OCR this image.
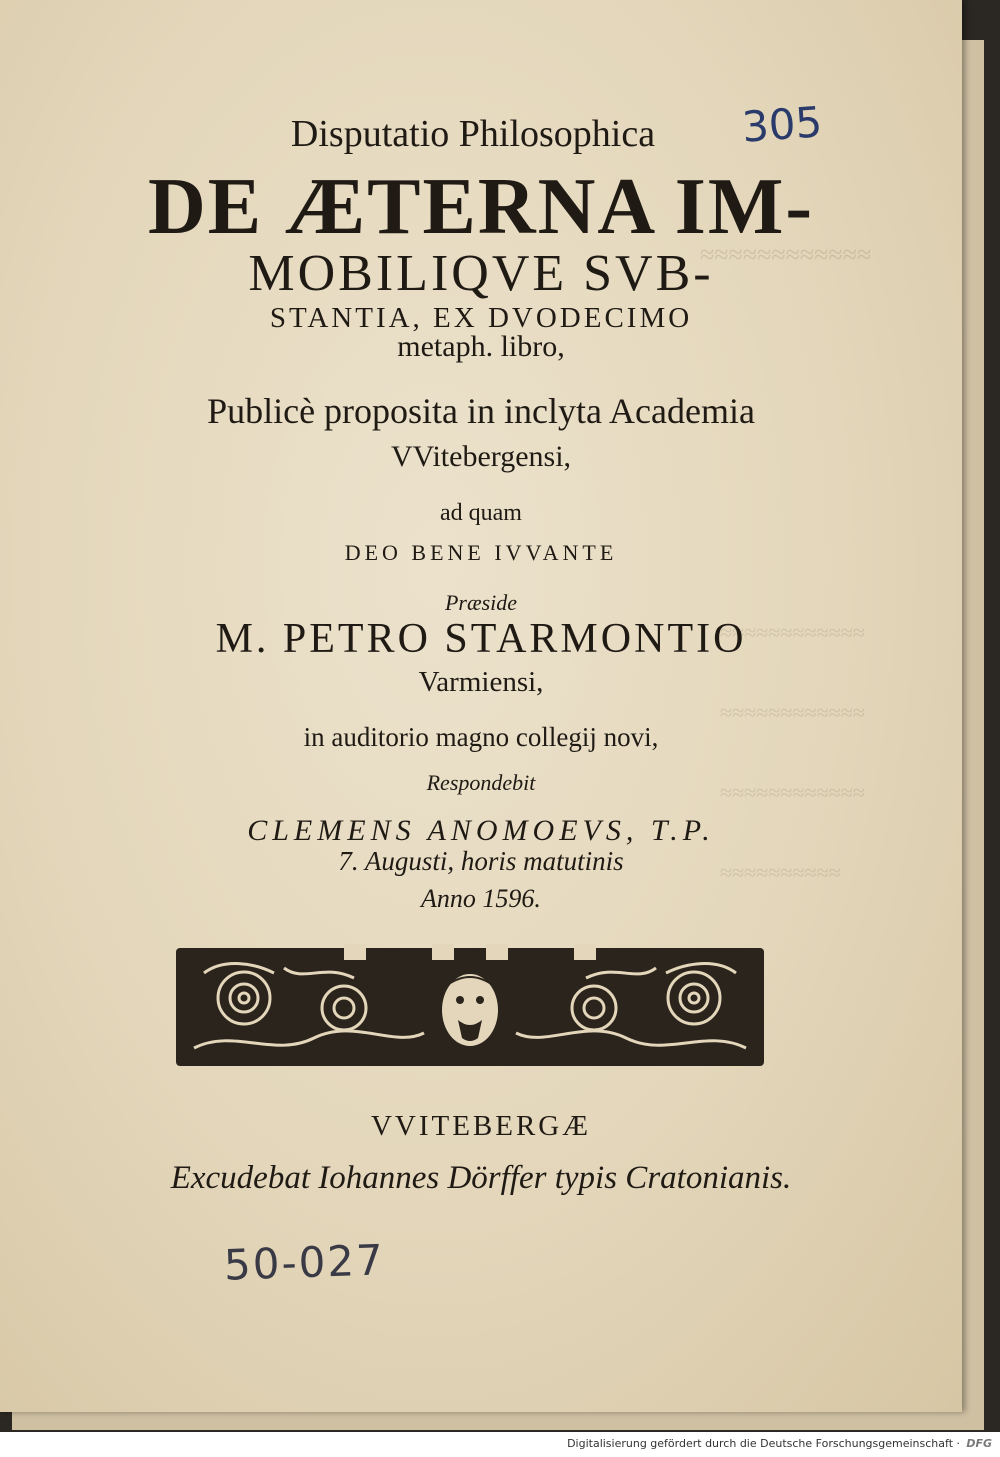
≈≈≈≈≈≈≈≈≈≈≈≈
≈≈≈≈≈≈≈≈≈≈≈≈
≈≈≈≈≈≈≈≈≈≈≈≈
≈≈≈≈≈≈≈≈≈≈≈≈
≈≈≈≈≈≈≈≈≈≈
Disputatio Philosophica
DE ÆTERNA IM-
MOBILIQVE SVB-
STANTIA, EX DVODECIMO
metaph. libro,
Publicè proposita in inclyta Academia
VVitebergensi,
ad quam
DEO BENE IVVANTE
Præside
M. PETRO STARMONTIO
Varmiensi,
in auditorio magno collegij novi,
Respondebit
CLEMENS ANOMOEVS, T.P.
7. Augusti, horis matutinis
Anno 1596.
VVITEBERGÆ
Excudebat Iohannes Dörffer typis Cratonianis.
305
50-027
Digitalisierung gefördert durch die Deutsche Forschungsgemeinschaft · DFG
